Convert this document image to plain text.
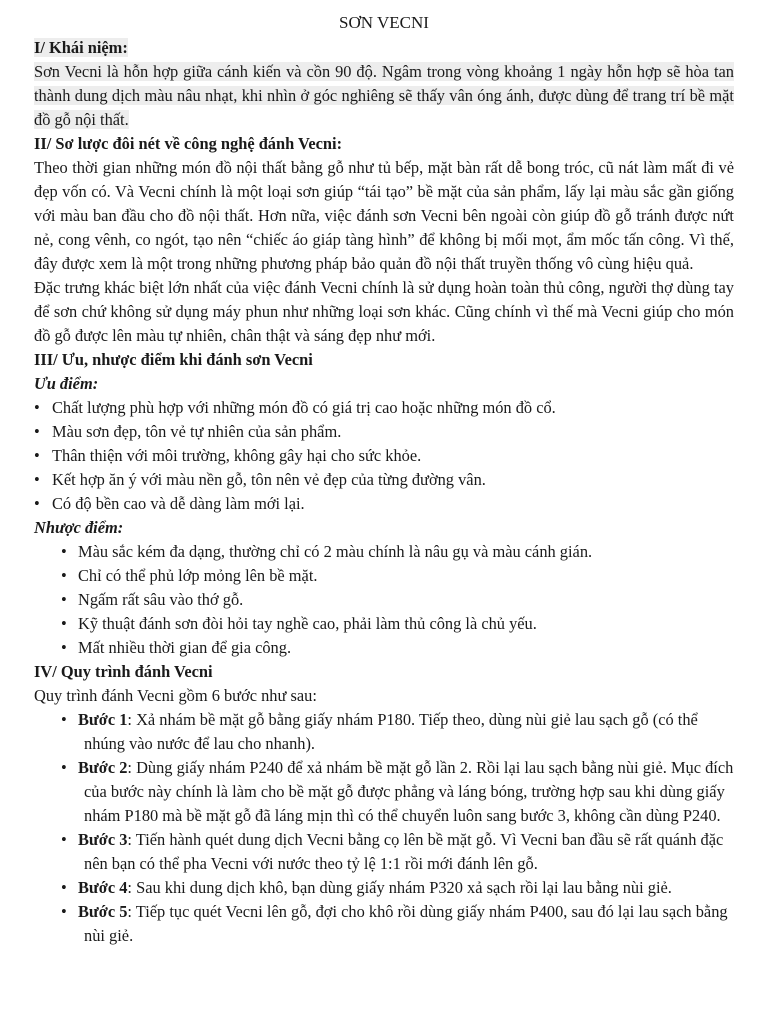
SƠN VECNI

I/ Khái niệm:

Sơn Vecni là hỗn hợp giữa cánh kiến và cồn 90 độ. Ngâm trong vòng khoảng 1 ngày hỗn hợp sẽ hòa tan thành dung dịch màu nâu nhạt, khi nhìn ở góc nghiêng sẽ thấy vân óng ánh, được dùng để trang trí bề mặt đồ gỗ nội thất.

II/ Sơ lược đôi nét về công nghệ đánh Vecni:

Theo thời gian những món đồ nội thất bằng gỗ như tủ bếp, mặt bàn rất dễ bong tróc, cũ nát làm mất đi vẻ đẹp vốn có. Và Vecni chính là một loại sơn giúp “tái tạo” bề mặt của sản phẩm, lấy lại màu sắc gần giống với màu ban đầu cho đồ nội thất. Hơn nữa, việc đánh sơn Vecni bên ngoài còn giúp đồ gỗ tránh được nứt nẻ, cong vênh, co ngót, tạo nên “chiếc áo giáp tàng hình” để không bị mối mọt, ẩm mốc tấn công. Vì thế, đây được xem là một trong những phương pháp bảo quản đồ nội thất truyền thống vô cùng hiệu quả.

Đặc trưng khác biệt lớn nhất của việc đánh Vecni chính là sử dụng hoàn toàn thủ công, người thợ dùng tay để sơn chứ không sử dụng máy phun như những loại sơn khác. Cũng chính vì thế mà Vecni giúp cho món đồ gỗ được lên màu tự nhiên, chân thật và sáng đẹp như mới.

III/ Ưu, nhược điểm khi đánh sơn Vecni

Ưu điểm:

• Chất lượng phù hợp với những món đồ có giá trị cao hoặc những món đồ cổ.
• Màu sơn đẹp, tôn vẻ tự nhiên của sản phẩm.
• Thân thiện với môi trường, không gây hại cho sức khỏe.
• Kết hợp ăn ý với màu nền gỗ, tôn nên vẻ đẹp của từng đường vân.
• Có độ bền cao và dễ dàng làm mới lại.

Nhược điểm:

• Màu sắc kém đa dạng, thường chỉ có 2 màu chính là nâu gụ và màu cánh gián.
• Chỉ có thể phủ lớp mỏng lên bề mặt.
• Ngấm rất sâu vào thớ gỗ.
• Kỹ thuật đánh sơn đòi hỏi tay nghề cao, phải làm thủ công là chủ yếu.
• Mất nhiều thời gian để gia công.

IV/ Quy trình đánh Vecni

Quy trình đánh Vecni gồm 6 bước như sau:

• Bước 1: Xả nhám bề mặt gỗ bằng giấy nhám P180. Tiếp theo, dùng nùi giẻ lau sạch gỗ (có thể nhúng vào nước để lau cho nhanh).
• Bước 2: Dùng giấy nhám P240 để xả nhám bề mặt gỗ lần 2. Rồi lại lau sạch bằng nùi giẻ. Mục đích của bước này chính là làm cho bề mặt gỗ được phẳng và láng bóng, trường hợp sau khi dùng giấy nhám P180 mà bề mặt gỗ đã láng mịn thì có thể chuyển luôn sang bước 3, không cần dùng P240.
• Bước 3: Tiến hành quét dung dịch Vecni bằng cọ lên bề mặt gỗ. Vì Vecni ban đầu sẽ rất quánh đặc nên bạn có thể pha Vecni với nước theo tỷ lệ 1:1 rồi mới đánh lên gỗ.
• Bước 4: Sau khi dung dịch khô, bạn dùng giấy nhám P320 xả sạch rồi lại lau bằng nùi giẻ.
• Bước 5: Tiếp tục quét Vecni lên gỗ, đợi cho khô rồi dùng giấy nhám P400, sau đó lại lau sạch bằng nùi giẻ.
